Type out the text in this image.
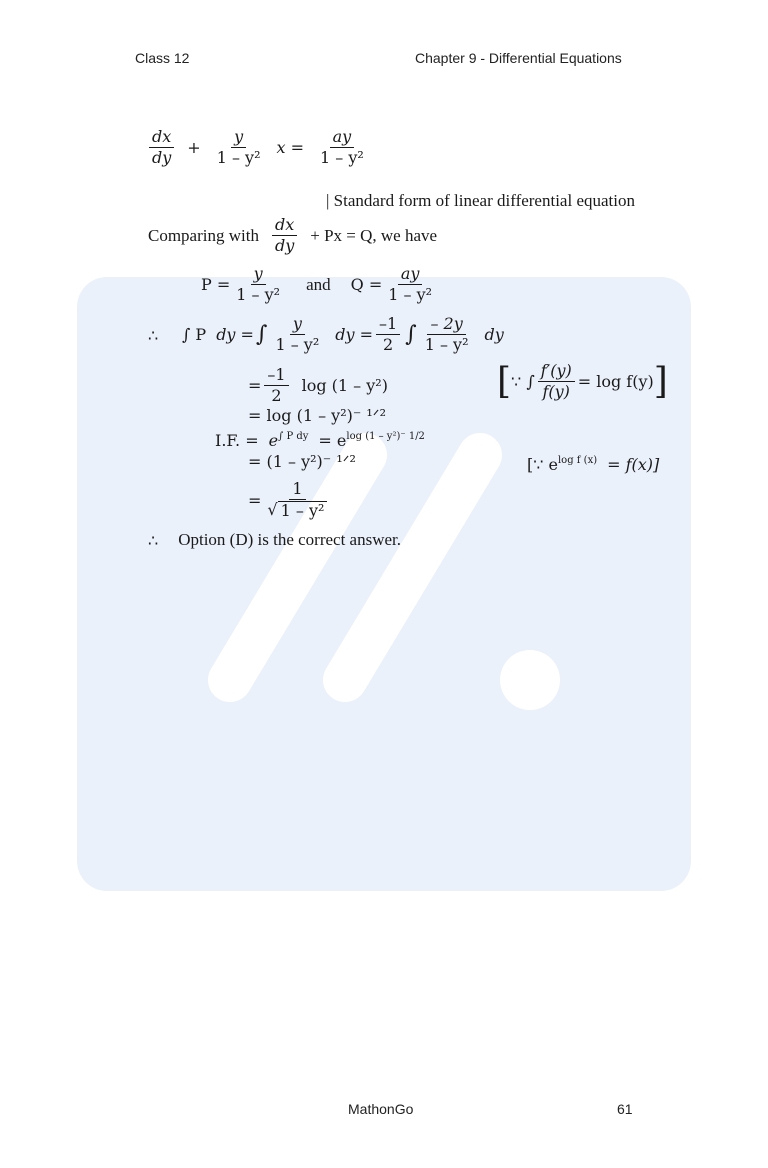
Class 12	Chapter 9 - Differential Equations
$\frac{dx}{dy} + \frac{y}{\text{1 – y²}}$ $x = \frac{ay}{\text{1 – y²}}$
| Standard form of linear differential equation
Comparing with $\frac{dx}{dy} + Px = Q$, we have
$P = \frac{y}{\text{1 – y²}}$ and $Q = \frac{ay}{\text{1 – y²}}$
∴ ∫ P dy = ∫ $\frac{y}{\text{1 – y²}}$ dy = $\frac{-1}{2}$ ∫ $\frac{- 2y}{\text{1 – y²}}$ dy
= $\frac{-1}{2}$ log (1 – y²)	[ ∵ ∫ $\frac{f'(y)}{f(y)} = \log f(y)$ ]
= log (1 – y²)⁻ ¹ᐟ²
I.F. = $e^{\int P dy} = e^{log (1 - y^2)^- 1/2}$
= (1 – y²)⁻ ¹ᐟ²	[∵ $e^{log f (x)} = f(x)$]
= $\frac{1}{\text{√ 1 – y²}}$
∴ Option (D) is the correct answer.
MathonGo	61
